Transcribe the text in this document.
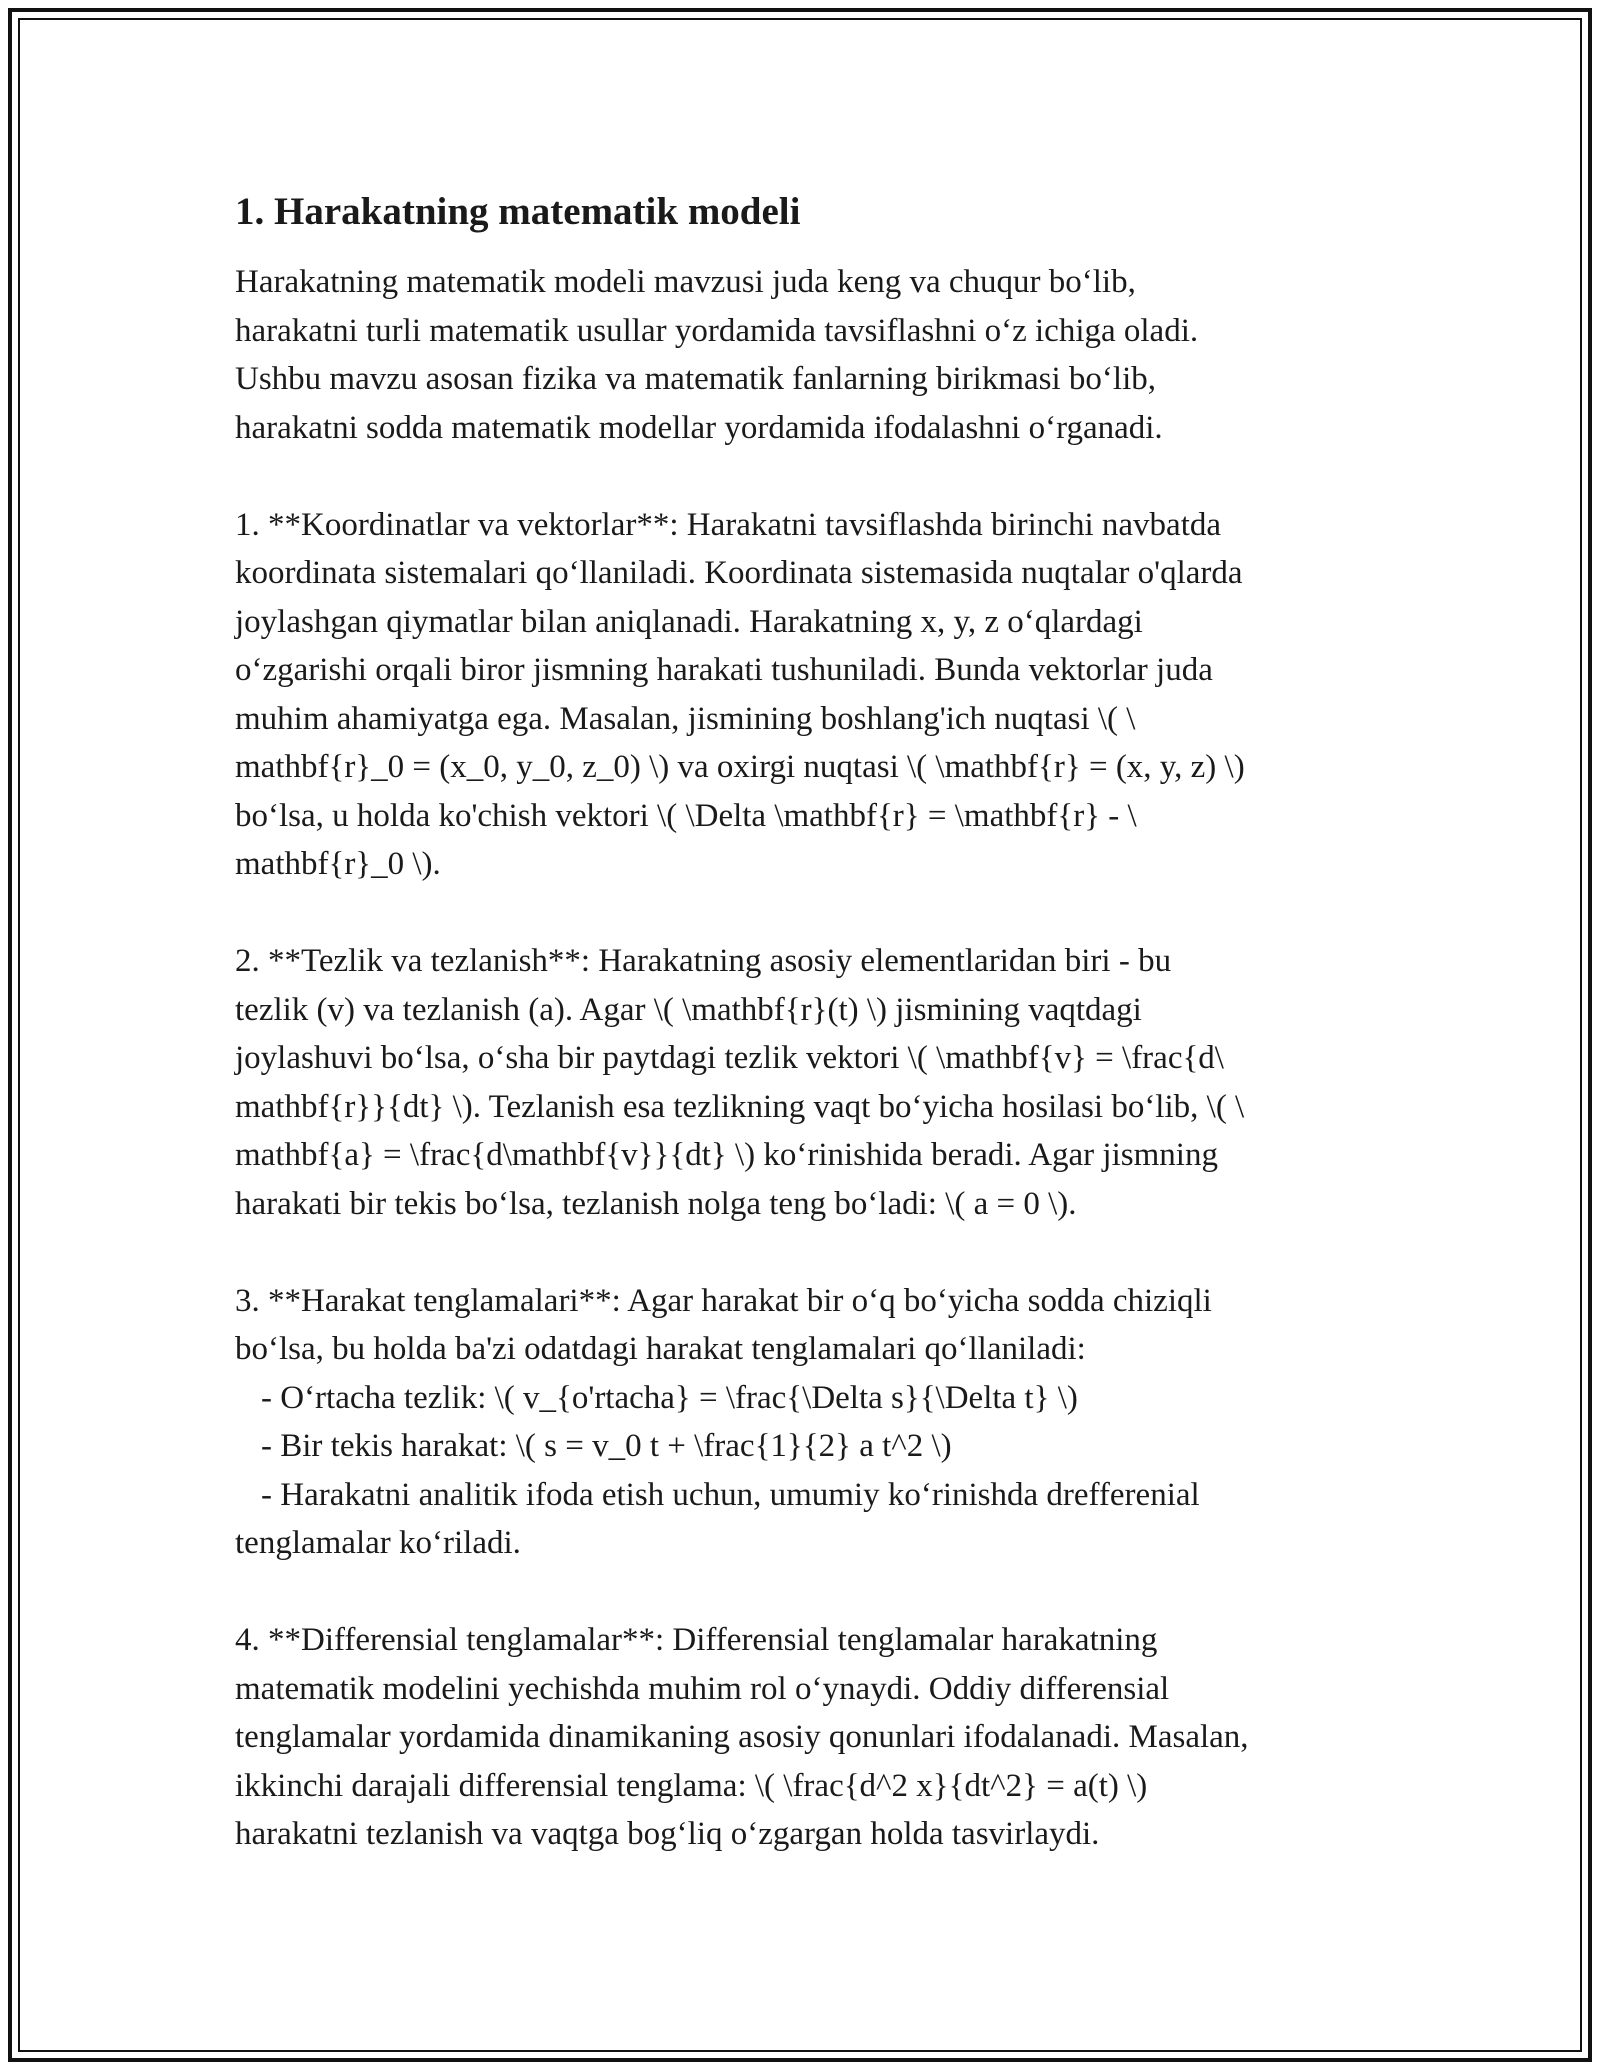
1. Harakatning matematik modeli
Harakatning matematik modeli mavzusi juda keng va chuqur bo‘lib,
harakatni turli matematik usullar yordamida tavsiflashni o‘z ichiga oladi.
Ushbu mavzu asosan fizika va matematik fanlarning birikmasi bo‘lib,
harakatni sodda matematik modellar yordamida ifodalashni o‘rganadi.
1. **Koordinatlar va vektorlar**: Harakatni tavsiflashda birinchi navbatda
koordinata sistemalari qo‘llaniladi. Koordinata sistemasida nuqtalar o'qlarda
joylashgan qiymatlar bilan aniqlanadi. Harakatning x, y, z o‘qlardagi
o‘zgarishi orqali biror jismning harakati tushuniladi. Bunda vektorlar juda
muhim ahamiyatga ega. Masalan, jismining boshlang'ich nuqtasi \( \
mathbf{r}_0 = (x_0, y_0, z_0) \) va oxirgi nuqtasi \( \mathbf{r} = (x, y, z) \)
bo‘lsa, u holda ko'chish vektori \( \Delta \mathbf{r} = \mathbf{r} - \
mathbf{r}_0 \).
2. **Tezlik va tezlanish**: Harakatning asosiy elementlaridan biri - bu
tezlik (v) va tezlanish (a). Agar \( \mathbf{r}(t) \) jismining vaqtdagi
joylashuvi bo‘lsa, o‘sha bir paytdagi tezlik vektori \( \mathbf{v} = \frac{d\
mathbf{r}}{dt} \). Tezlanish esa tezlikning vaqt bo‘yicha hosilasi bo‘lib, \( \
mathbf{a} = \frac{d\mathbf{v}}{dt} \) ko‘rinishida beradi. Agar jismning
harakati bir tekis bo‘lsa, tezlanish nolga teng bo‘ladi: \( a = 0 \).
3. **Harakat tenglamalari**: Agar harakat bir o‘q bo‘yicha sodda chiziqli
bo‘lsa, bu holda ba'zi odatdagi harakat tenglamalari qo‘llaniladi:
- O‘rtacha tezlik: \( v_{o'rtacha} = \frac{\Delta s}{\Delta t} \)
- Bir tekis harakat: \( s = v_0 t + \frac{1}{2} a t^2 \)
- Harakatni analitik ifoda etish uchun, umumiy ko‘rinishda drefferenial
tenglamalar ko‘riladi.
4. **Differensial tenglamalar**: Differensial tenglamalar harakatning
matematik modelini yechishda muhim rol o‘ynaydi. Oddiy differensial
tenglamalar yordamida dinamikaning asosiy qonunlari ifodalanadi. Masalan,
ikkinchi darajali differensial tenglama: \( \frac{d^2 x}{dt^2} = a(t) \)
harakatni tezlanish va vaqtga bog‘liq o‘zgargan holda tasvirlaydi.
